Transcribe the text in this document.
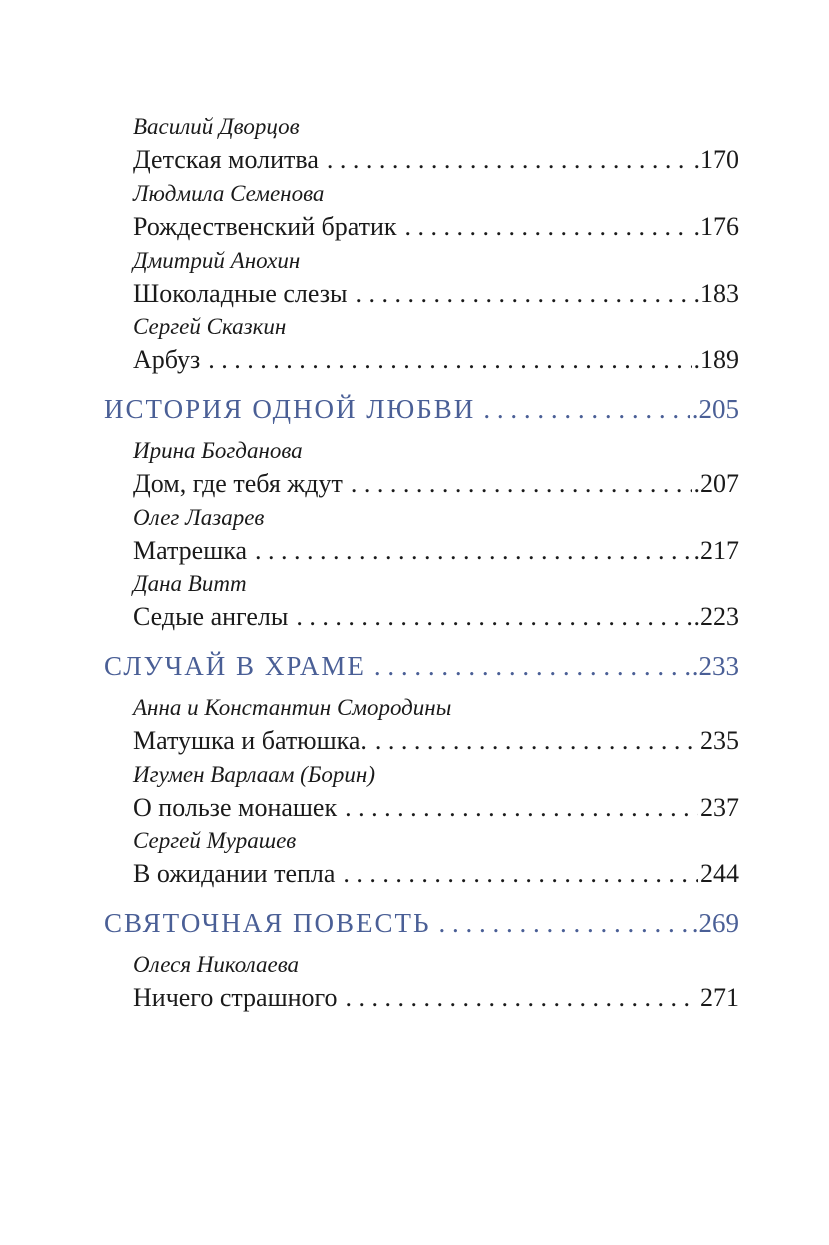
Василий Дворцов
Детская молитва . . .	.170
Людмила Семенова
Рождественский братик . . .	.176
Дмитрий Анохин
Шоколадные слезы . . .	.183
Сергей Сказкин
Арбуз . . .	.189
ИСТОРИЯ ОДНОЙ ЛЮБВИ . . .	.205
Ирина Богданова
Дом, где тебя ждут . . .	.207
Олег Лазарев
Матрешка . . .	.217
Дана Витт
Седые ангелы . . .	.223
СЛУЧАЙ В ХРАМЕ . . .	.233
Анна и Константин Смородины
Матушка и батюшка. . . .	235
Игумен Варлаам (Борин)
О пользе монашек . . .	237
Сергей Мурашев
В ожидании тепла . . .	244
СВЯТОЧНАЯ ПОВЕСТЬ . . .	.269
Олеся Николаева
Ничего страшного . . .	271
